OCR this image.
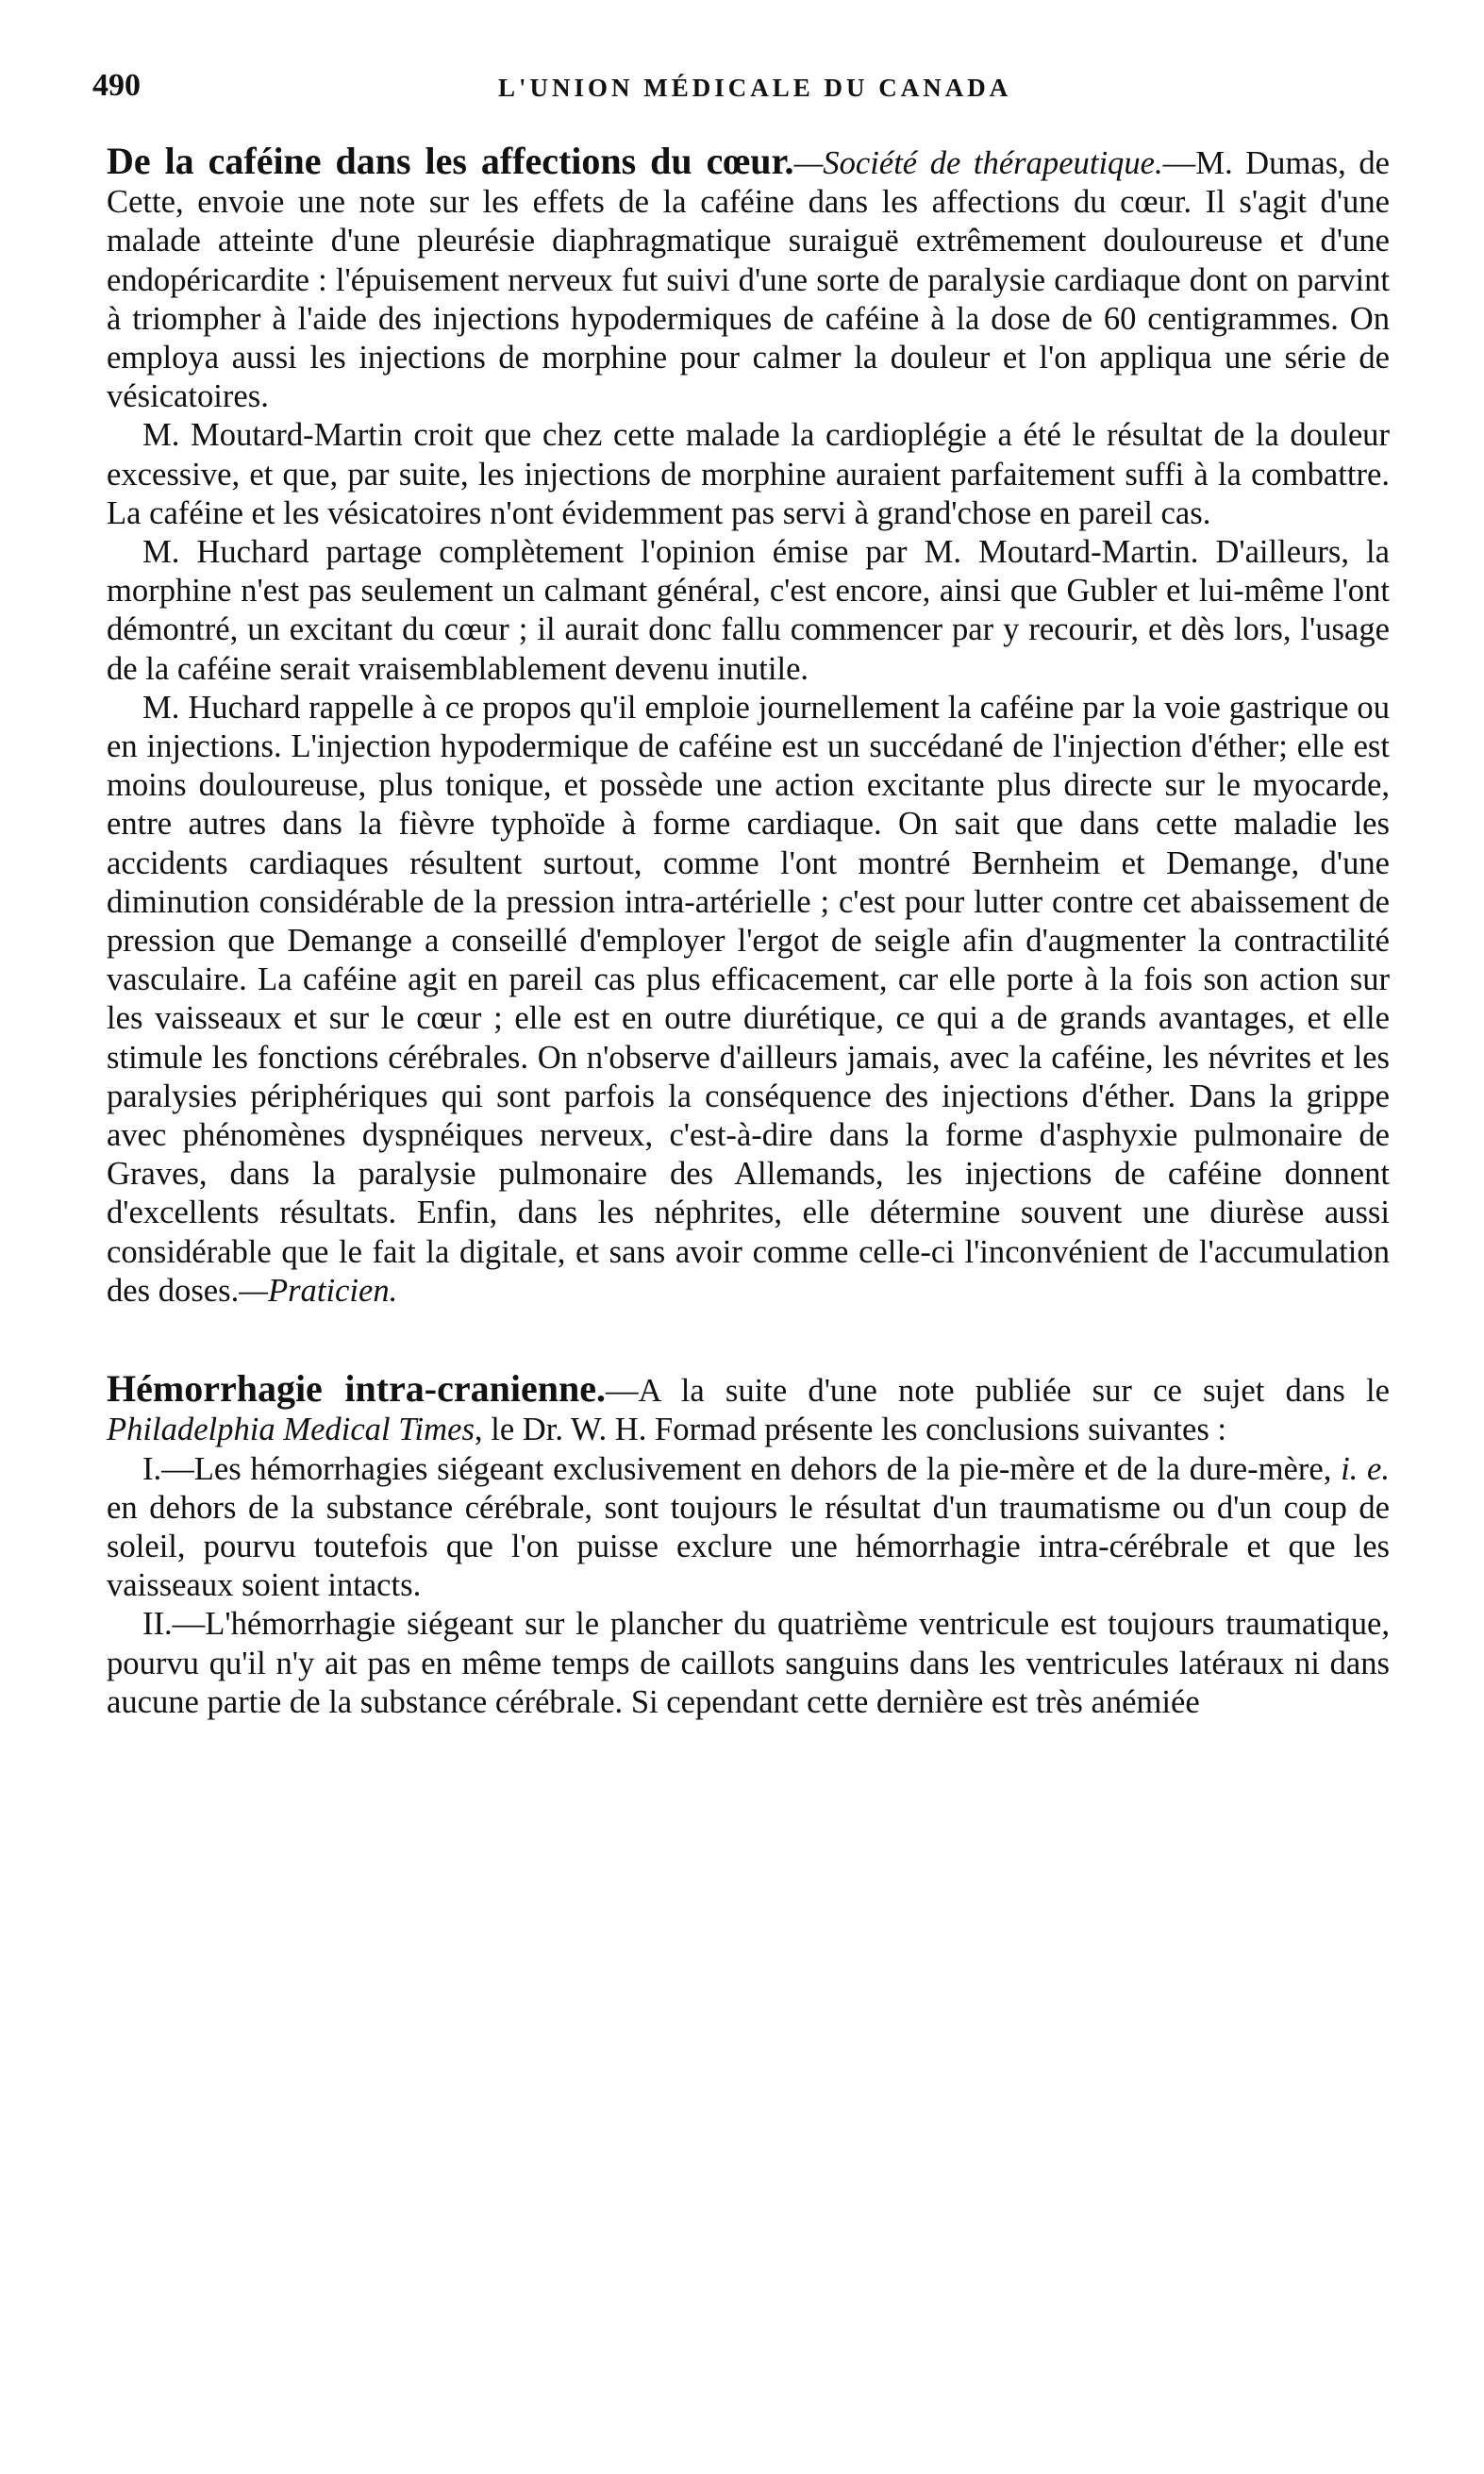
490	L'UNION MÉDICALE DU CANADA

De la caféine dans les affections du cœur.—Société de thérapeutique.—M. Dumas, de Cette, envoie une note sur les effets de la caféine dans les affections du cœur. Il s'agit d'une malade atteinte d'une pleurésie diaphragmatique suraiguë extrêmement douloureuse et d'une endopéricardite : l'épuisement nerveux fut suivi d'une sorte de paralysie cardiaque dont on parvint à triompher à l'aide des injections hypodermiques de caféine à la dose de 60 centigrammes. On employa aussi les injections de morphine pour calmer la douleur et l'on appliqua une série de vésicatoires.

M. Moutard-Martin croit que chez cette malade la cardioplégie a été le résultat de la douleur excessive, et que, par suite, les injections de morphine auraient parfaitement suffi à la combattre. La caféine et les vésicatoires n'ont évidemment pas servi à grand'chose en pareil cas.

M. Huchard partage complètement l'opinion émise par M. Moutard-Martin. D'ailleurs, la morphine n'est pas seulement un calmant général, c'est encore, ainsi que Gubler et lui-même l'ont démontré, un excitant du cœur ; il aurait donc fallu commencer par y recourir, et dès lors, l'usage de la caféine serait vraisemblablement devenu inutile.

M. Huchard rappelle à ce propos qu'il emploie journellement la caféine par la voie gastrique ou en injections. L'injection hypodermique de caféine est un succédané de l'injection d'éther; elle est moins douloureuse, plus tonique, et possède une action excitante plus directe sur le myocarde, entre autres dans la fièvre typhoïde à forme cardiaque. On sait que dans cette maladie les accidents cardiaques résultent surtout, comme l'ont montré Bernheim et Demange, d'une diminution considérable de la pression intra-artérielle ; c'est pour lutter contre cet abaissement de pression que Demange a conseillé d'employer l'ergot de seigle afin d'augmenter la contractilité vasculaire. La caféine agit en pareil cas plus efficacement, car elle porte à la fois son action sur les vaisseaux et sur le cœur ; elle est en outre diurétique, ce qui a de grands avantages, et elle stimule les fonctions cérébrales. On n'observe d'ailleurs jamais, avec la caféine, les névrites et les paralysies périphériques qui sont parfois la conséquence des injections d'éther. Dans la grippe avec phénomènes dyspnéiques nerveux, c'est-à-dire dans la forme d'asphyxie pulmonaire de Graves, dans la paralysie pulmonaire des Allemands, les injections de caféine donnent d'excellents résultats. Enfin, dans les néphrites, elle détermine souvent une diurèse aussi considérable que le fait la digitale, et sans avoir comme celle-ci l'inconvénient de l'accumulation des doses.—Praticien.

Hémorrhagie intra-cranienne.—A la suite d'une note publiée sur ce sujet dans le Philadelphia Medical Times, le Dr. W. H. Formad présente les conclusions suivantes :

I.—Les hémorrhagies siégeant exclusivement en dehors de la pie-mère et de la dure-mère, i. e. en dehors de la substance cérébrale, sont toujours le résultat d'un traumatisme ou d'un coup de soleil, pourvu toutefois que l'on puisse exclure une hémorrhagie intra-cérébrale et que les vaisseaux soient intacts.

II.—L'hémorrhagie siégeant sur le plancher du quatrième ventricule est toujours traumatique, pourvu qu'il n'y ait pas en même temps de caillots sanguins dans les ventricules latéraux ni dans aucune partie de la substance cérébrale. Si cependant cette dernière est très anémiée
